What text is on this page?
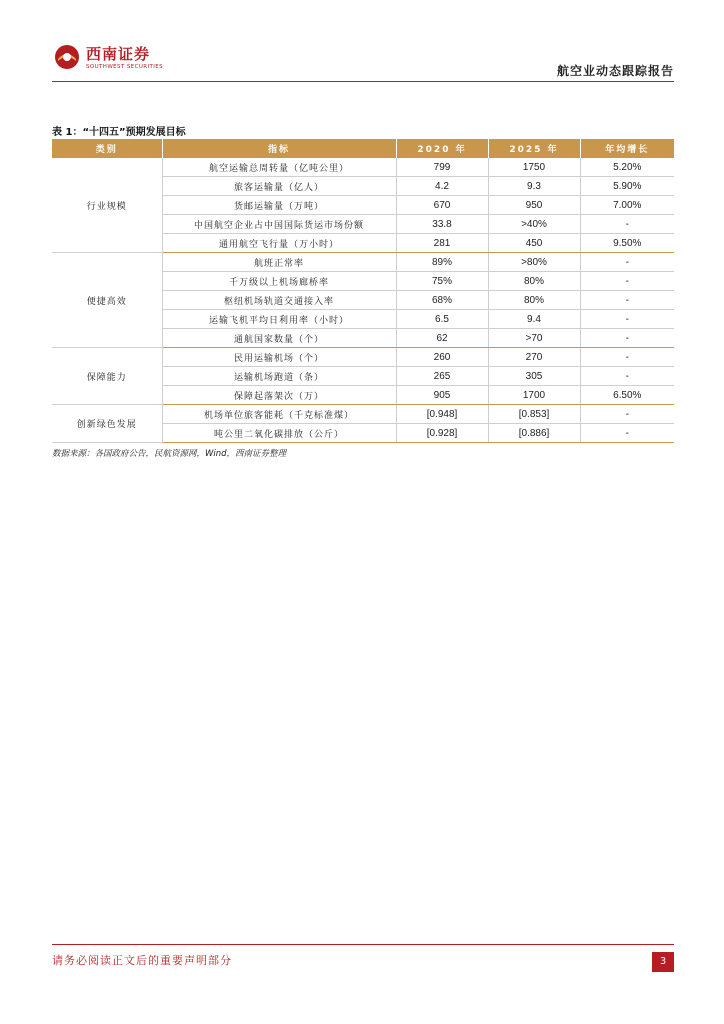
西南证券
SOUTHWEST SECURITIES	航空业动态跟踪报告
表 1：“十四五”预期发展目标
类别	指标	2020 年	2025 年	年均增长
行业规模	航空运输总周转量（亿吨公里）	799	1750	5.20%
	旅客运输量（亿人）	4.2	9.3	5.90%
	货邮运输量（万吨）	670	950	7.00%
	中国航空企业占中国国际货运市场份额	33.8	>40%	-
	通用航空飞行量（万小时）	281	450	9.50%
便捷高效	航班正常率	89%	>80%	-
	千万级以上机场廊桥率	75%	80%	-
	枢纽机场轨道交通接入率	68%	80%	-
	运输飞机平均日利用率（小时）	6.5	9.4	-
	通航国家数量（个）	62	>70	-
保障能力	民用运输机场（个）	260	270	-
	运输机场跑道（条）	265	305	-
	保障起落架次（万）	905	1700	6.50%
创新绿色发展	机场单位旅客能耗（千克标准煤）	[0.948]	[0.853]	-
	吨公里二氧化碳排放（公斤）	[0.928]	[0.886]	-
数据来源：各国政府公告，民航资源网，Wind，西南证券整理
请务必阅读正文后的重要声明部分	3
